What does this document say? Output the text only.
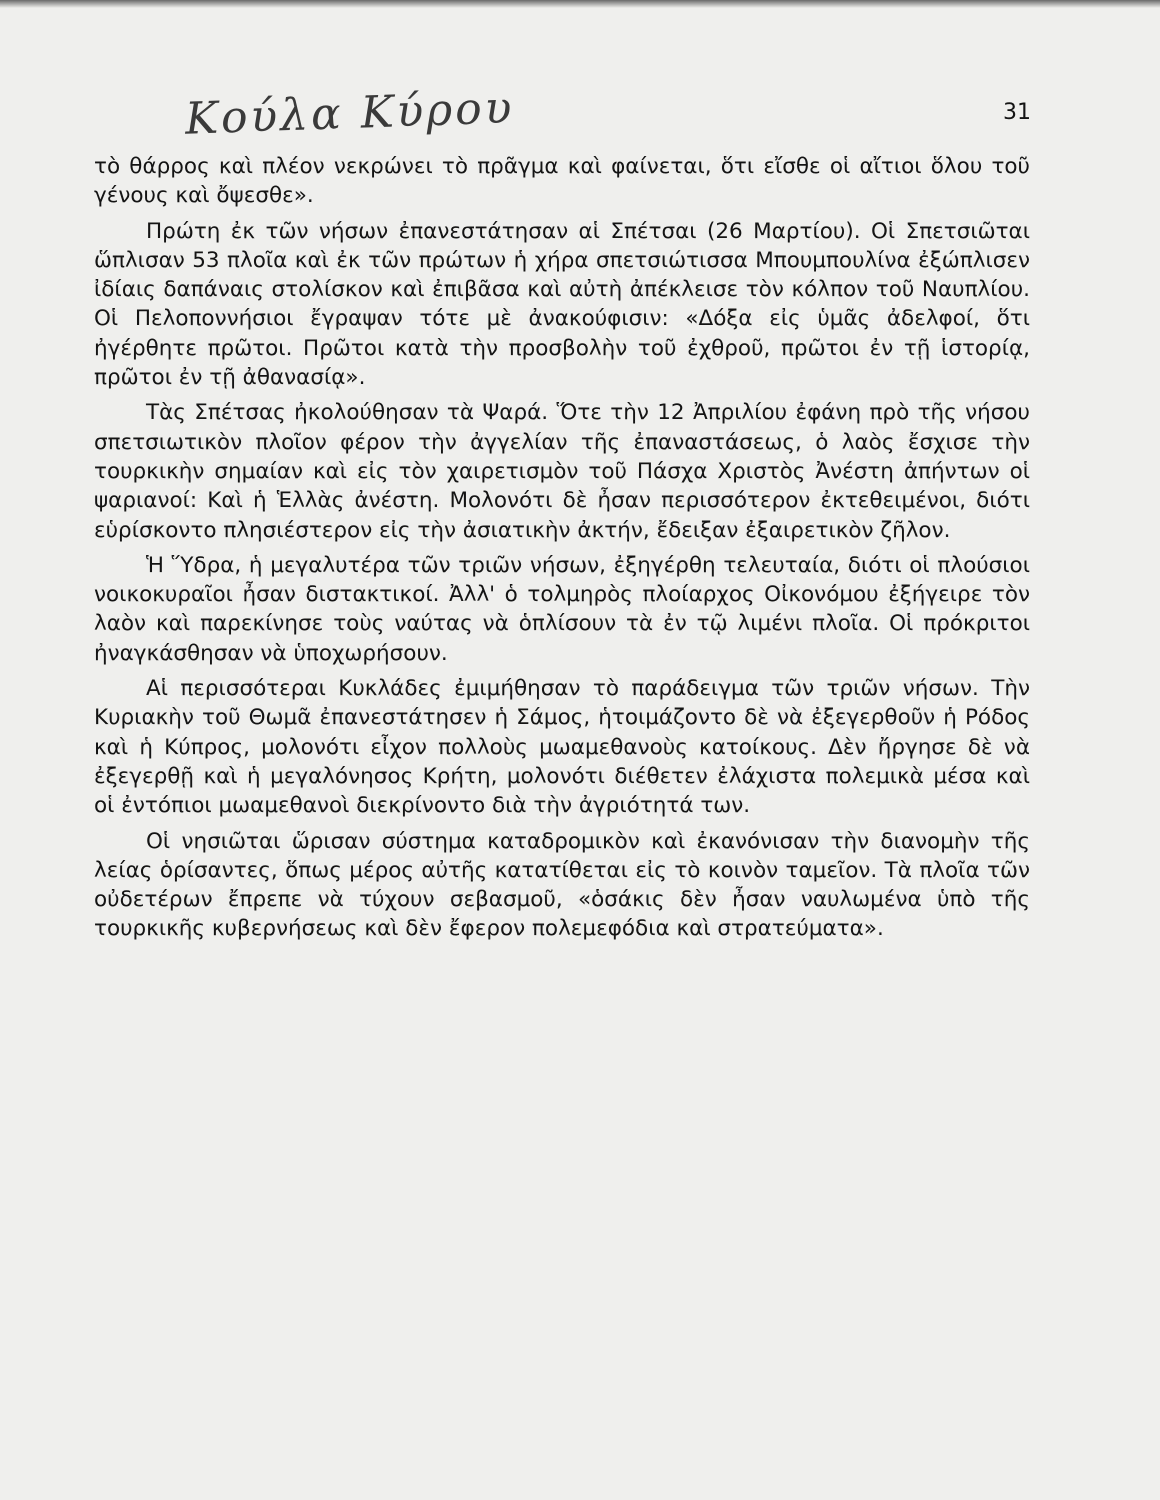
Κούλα Κύρου	31

τὸ θάρρος καὶ πλέον νεκρώνει τὸ πρᾶγμα καὶ φαίνεται, ὅτι εἴσθε οἱ αἴτιοι ὅλου τοῦ γένους καὶ ὄψεσθε».

Πρώτη ἐκ τῶν νήσων ἐπανεστάτησαν αἱ Σπέτσαι (26 Μαρτίου). Οἱ Σπετσιῶται ὥπλισαν 53 πλοῖα καὶ ἐκ τῶν πρώτων ἡ χήρα σπετσιώτισσα Μπουμπουλίνα ἐξώπλισεν ἰδίαις δαπάναις στολίσκον καὶ ἐπιβᾶσα καὶ αὐτὴ ἀπέκλεισε τὸν κόλπον τοῦ Ναυπλίου. Οἱ Πελοποννήσιοι ἔγραψαν τότε μὲ ἀνακούφισιν: «Δόξα εἰς ὑμᾶς ἀδελφοί, ὅτι ἠγέρθητε πρῶτοι. Πρῶτοι κατὰ τὴν προσβολὴν τοῦ ἐχθροῦ, πρῶτοι ἐν τῇ ἱστορίᾳ, πρῶτοι ἐν τῇ ἀθανασίᾳ».

Τὰς Σπέτσας ἠκολούθησαν τὰ Ψαρά. Ὅτε τὴν 12 Ἀπριλίου ἐφάνη πρὸ τῆς νήσου σπετσιωτικὸν πλοῖον φέρον τὴν ἀγγελίαν τῆς ἐπαναστάσεως, ὁ λαὸς ἔσχισε τὴν τουρκικὴν σημαίαν καὶ εἰς τὸν χαιρετισμὸν τοῦ Πάσχα Χριστὸς Ἀνέστη ἀπήντων οἱ ψαριανοί: Καὶ ἡ Ἑλλὰς ἀνέστη. Μολονότι δὲ ἦσαν περισσότερον ἐκτεθειμένοι, διότι εὑρίσκοντο πλησιέστερον εἰς τὴν ἀσιατικὴν ἀκτήν, ἔδειξαν ἐξαιρετικὸν ζῆλον.

Ἡ Ὕδρα, ἡ μεγαλυτέρα τῶν τριῶν νήσων, ἐξηγέρθη τελευταία, διότι οἱ πλούσιοι νοικοκυραῖοι ἦσαν διστακτικοί. Ἀλλ' ὁ τολμηρὸς πλοίαρχος Οἰκονόμου ἐξήγειρε τὸν λαὸν καὶ παρεκίνησε τοὺς ναύτας νὰ ὁπλίσουν τὰ ἐν τῷ λιμένι πλοῖα. Οἱ πρόκριτοι ἠναγκάσθησαν νὰ ὑποχωρήσουν.

Αἱ περισσότεραι Κυκλάδες ἐμιμήθησαν τὸ παράδειγμα τῶν τριῶν νήσων. Τὴν Κυριακὴν τοῦ Θωμᾶ ἐπανεστάτησεν ἡ Σάμος, ἡτοιμάζοντο δὲ νὰ ἐξεγερθοῦν ἡ Ρόδος καὶ ἡ Κύπρος, μολονότι εἶχον πολλοὺς μωαμεθανοὺς κατοίκους. Δὲν ἤργησε δὲ νὰ ἐξεγερθῇ καὶ ἡ μεγαλόνησος Κρήτη, μολονότι διέθετεν ἐλάχιστα πολεμικὰ μέσα καὶ οἱ ἐντόπιοι μωαμεθανοὶ διεκρίνοντο διὰ τὴν ἀγριότητά των.

Οἱ νησιῶται ὥρισαν σύστημα καταδρομικὸν καὶ ἐκανόνισαν τὴν διανομὴν τῆς λείας ὁρίσαντες, ὅπως μέρος αὐτῆς κατατίθεται εἰς τὸ κοινὸν ταμεῖον. Τὰ πλοῖα τῶν οὐδετέρων ἔπρεπε νὰ τύχουν σεβασμοῦ, «ὁσάκις δὲν ἦσαν ναυλωμένα ὑπὸ τῆς τουρκικῆς κυβερνήσεως καὶ δὲν ἔφερον πολεμεφόδια καὶ στρατεύματα».
